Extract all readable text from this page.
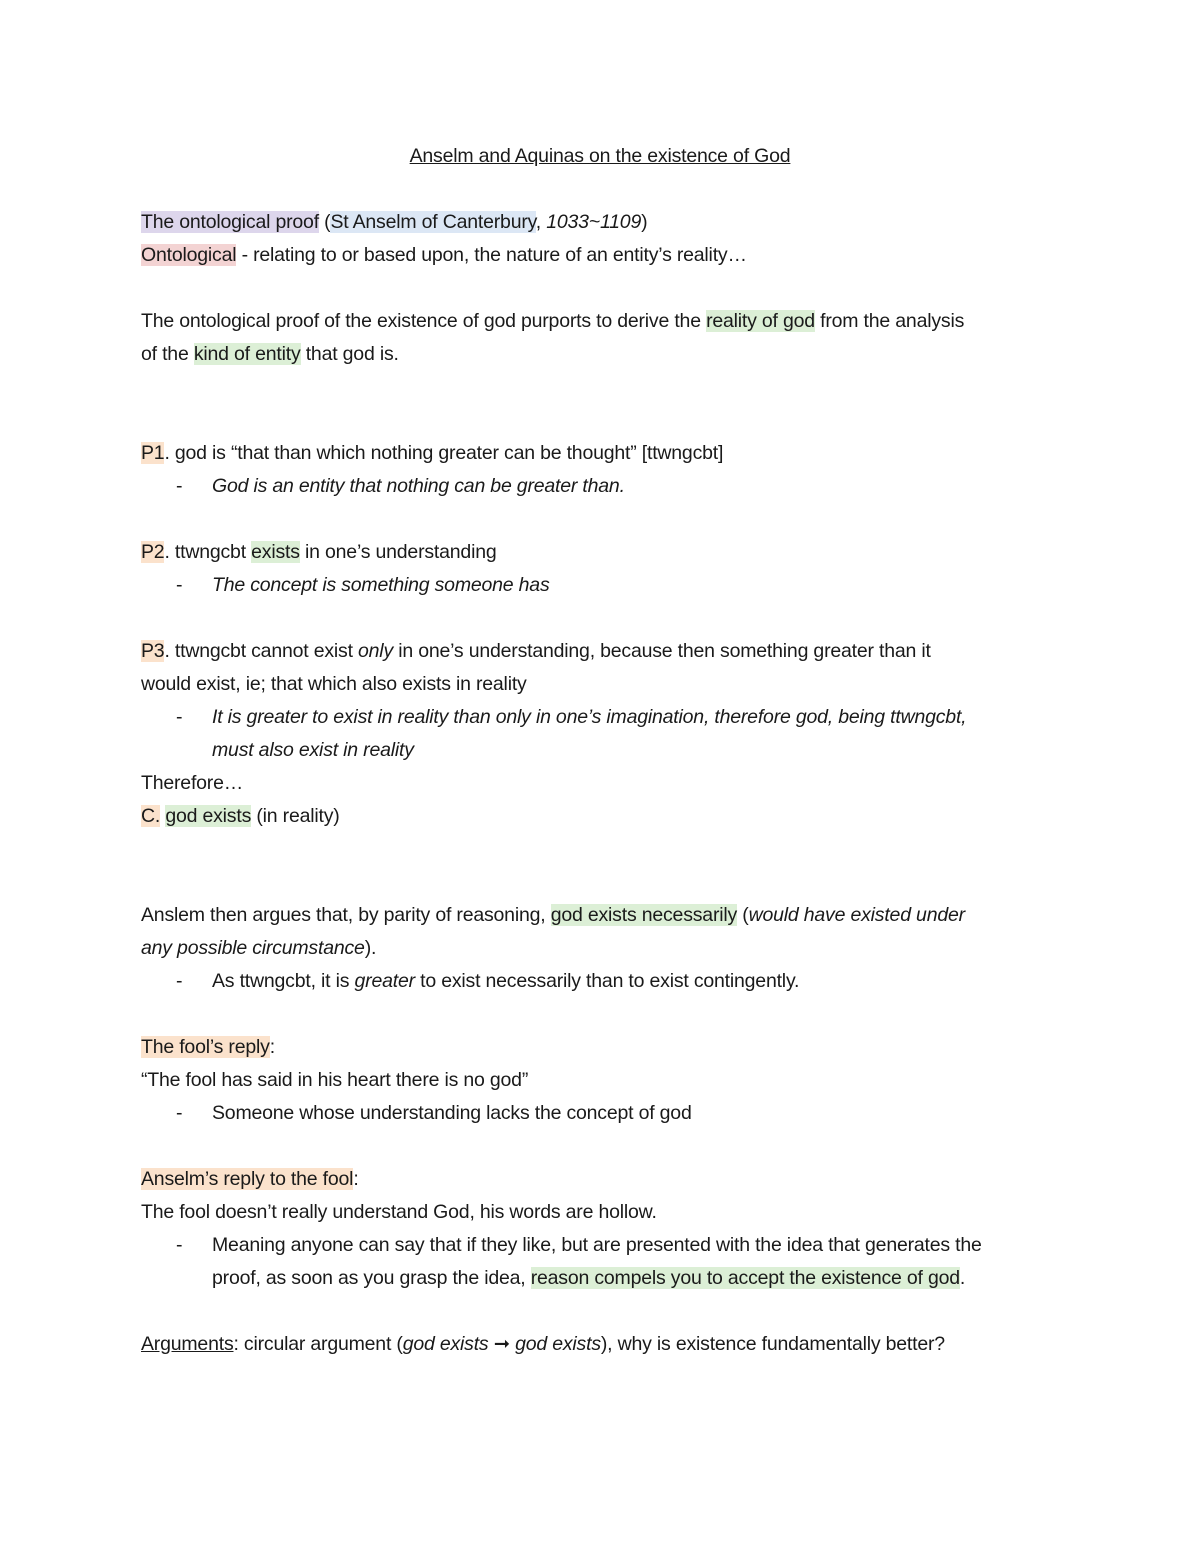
Anselm and Aquinas on the existence of God
The ontological proof (St Anselm of Canterbury, 1033~1109)
Ontological - relating to or based upon, the nature of an entity’s reality…
The ontological proof of the existence of god purports to derive the reality of god from the analysis
of the kind of entity that god is.
P1. god is “that than which nothing greater can be thought” [ttwngcbt]
- God is an entity that nothing can be greater than.
P2. ttwngcbt exists in one’s understanding
- The concept is something someone has
P3. ttwngcbt cannot exist only in one’s understanding, because then something greater than it
would exist, ie; that which also exists in reality
- It is greater to exist in reality than only in one’s imagination, therefore god, being ttwngcbt,
must also exist in reality
Therefore…
C. god exists (in reality)
Anslem then argues that, by parity of reasoning, god exists necessarily (would have existed under
any possible circumstance).
- As ttwngcbt, it is greater to exist necessarily than to exist contingently.
The fool’s reply:
“The fool has said in his heart there is no god”
- Someone whose understanding lacks the concept of god
Anselm’s reply to the fool:
The fool doesn’t really understand God, his words are hollow.
- Meaning anyone can say that if they like, but are presented with the idea that generates the
proof, as soon as you grasp the idea, reason compels you to accept the existence of god.
Arguments: circular argument (god exists ➞ god exists), why is existence fundamentally better?
